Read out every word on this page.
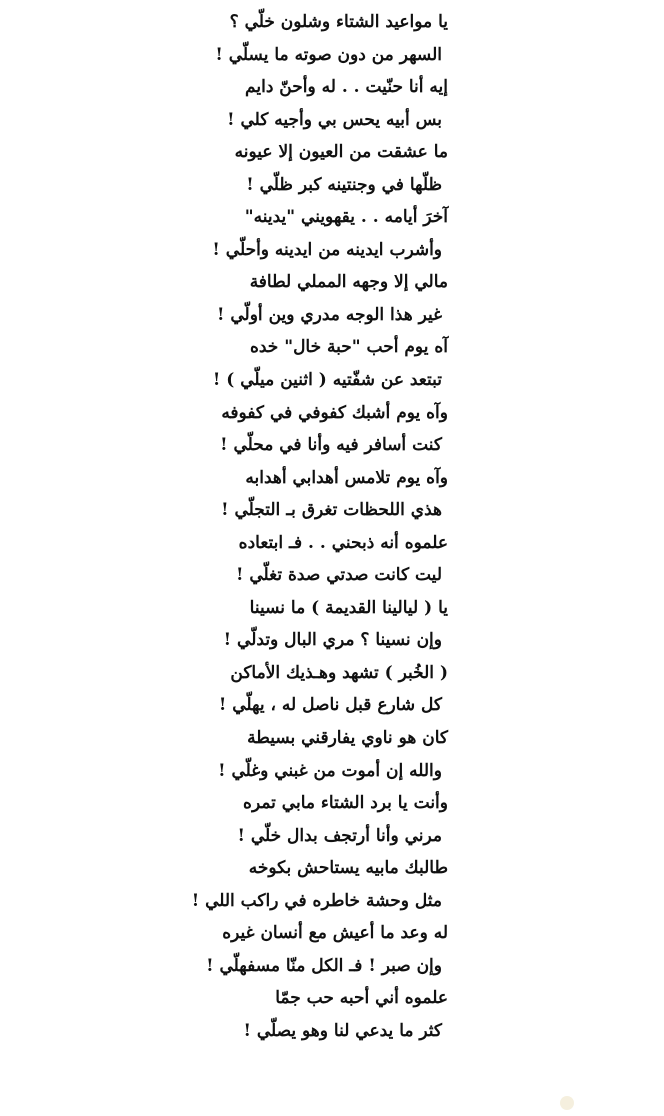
يا مواعيد الشتاء وشلون خلّي ؟
السهر من دون صوته ما يسلّي !
إيه أنا حنّيت . . له وأحنّ دايم
بس أبيه يحس بي وأجيه كلي !
ما عشقت من العيون إلا عيونه
ظلّها في وجنتينه كبر ظلّي !
آخرَ أيامه . . يقهويني "يدينه"
وأشرب ايدينه من ايدينه وأحلّي !
مالي إلا وجهه المملي لطافة
غير هذا الوجه مدري وين أولّي !
آه يوم أحب "حبة خال" خده
تبتعد عن شفّتيه ( اثنين ميلّي ) !
وآه يوم أشبك كفوفي في كفوفه
كنت أسافر فيه وأنا في محلّي !
وآه يوم تلامس أهدابي أهدابه
هذي اللحظات تغرق بـ التجلّي !
علموه أنه ذبحني . . فـ ابتعاده
ليت كانت صدتي صدة تغلّي !
يا ( ليالينا القديمة ) ما نسينا
وإن نسينا ؟ مري البال وتدلّي !
( الخُبر ) تشهد وهـذيك الأماكن
كل شارع قبل ناصل له ، يهلّي !
كان هو ناوي يفارقني بسيطة
والله إن أموت من غبني وغلّي !
وأنت يا برد الشتاء مابي تمره
مرني وأنا أرتجف بدال خلّي !
طالبك مابيه يستاحش بكوخه
مثل وحشة خاطره في راكب اللي !
له وعد ما أعيش مع أنسان غيره
وإن صبر ! فـ الكل منّا مسفهلّي !
علموه أني أحبه حب جمّا
كثر ما يدعي لنا وهو يصلّي !
